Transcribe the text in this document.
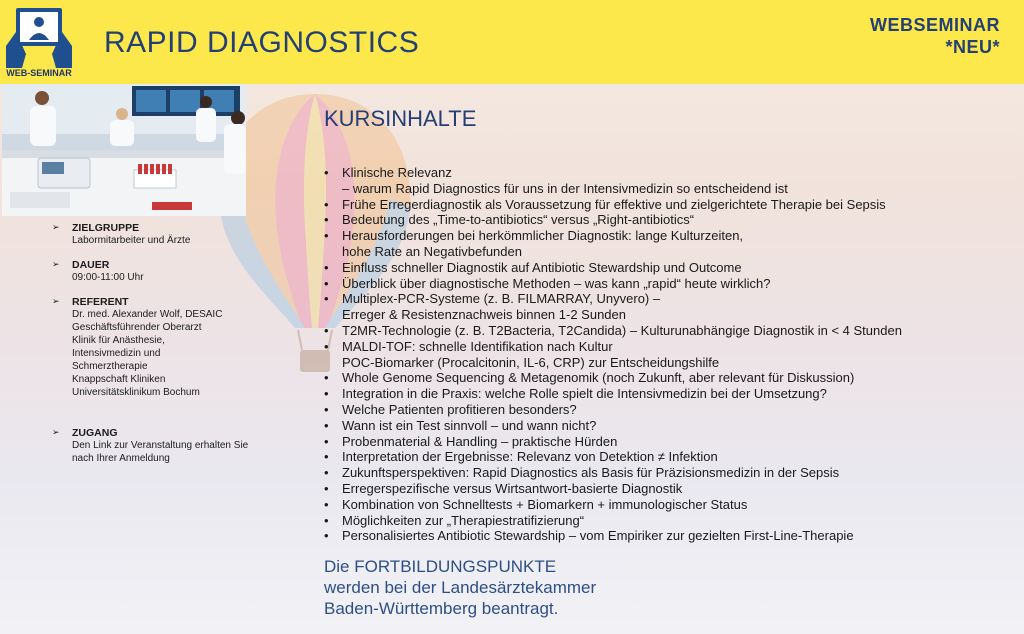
WEB-SEMINAR
RAPID DIAGNOSTICS
WEBSEMINAR
*NEU*
➢ ZIELGRUPPE
Labormitarbeiter und Ärzte
➢ DAUER
09:00-11:00 Uhr
➢ REFERENT
Dr. med. Alexander Wolf, DESAIC
Geschäftsführender Oberarzt
Klinik für Anästhesie,
Intensivmedizin und
Schmerztherapie
Knappschaft Kliniken
Universitätsklinikum Bochum
➢ ZUGANG
Den Link zur Veranstaltung erhalten Sie
nach Ihrer Anmeldung
KURSINHALTE
• Klinische Relevanz
– warum Rapid Diagnostics für uns in der Intensivmedizin so entscheidend ist
• Frühe Erregerdiagnostik als Voraussetzung für effektive und zielgerichtete Therapie bei Sepsis
• Bedeutung des „Time-to-antibiotics“ versus „Right-antibiotics“
• Herausforderungen bei herkömmlicher Diagnostik: lange Kulturzeiten,
hohe Rate an Negativbefunden
• Einfluss schneller Diagnostik auf Antibiotic Stewardship und Outcome
• Überblick über diagnostische Methoden – was kann „rapid“ heute wirklich?
• Multiplex-PCR-Systeme (z. B. FILMARRAY, Unyvero) –
Erreger & Resistenznachweis binnen 1-2 Sunden
• T2MR-Technologie (z. B. T2Bacteria, T2Candida) – Kulturunabhängige Diagnostik in < 4 Stunden
• MALDI-TOF: schnelle Identifikation nach Kultur
POC-Biomarker (Procalcitonin, IL-6, CRP) zur Entscheidungshilfe
• Whole Genome Sequencing & Metagenomik (noch Zukunft, aber relevant für Diskussion)
• Integration in die Praxis: welche Rolle spielt die Intensivmedizin bei der Umsetzung?
• Welche Patienten profitieren besonders?
• Wann ist ein Test sinnvoll – und wann nicht?
• Probenmaterial & Handling – praktische Hürden
• Interpretation der Ergebnisse: Relevanz von Detektion ≠ Infektion
• Zukunftsperspektiven: Rapid Diagnostics als Basis für Präzisionsmedizin in der Sepsis
• Erregerspezifische versus Wirtsantwort-basierte Diagnostik
• Kombination von Schnelltests + Biomarkern + immunologischer Status
• Möglichkeiten zur „Therapiestratifizierung“
• Personalisiertes Antibiotic Stewardship – vom Empiriker zur gezielten First-Line-Therapie
Die FORTBILDUNGSPUNKTE
werden bei der Landesärztekammer
Baden-Württemberg beantragt.
